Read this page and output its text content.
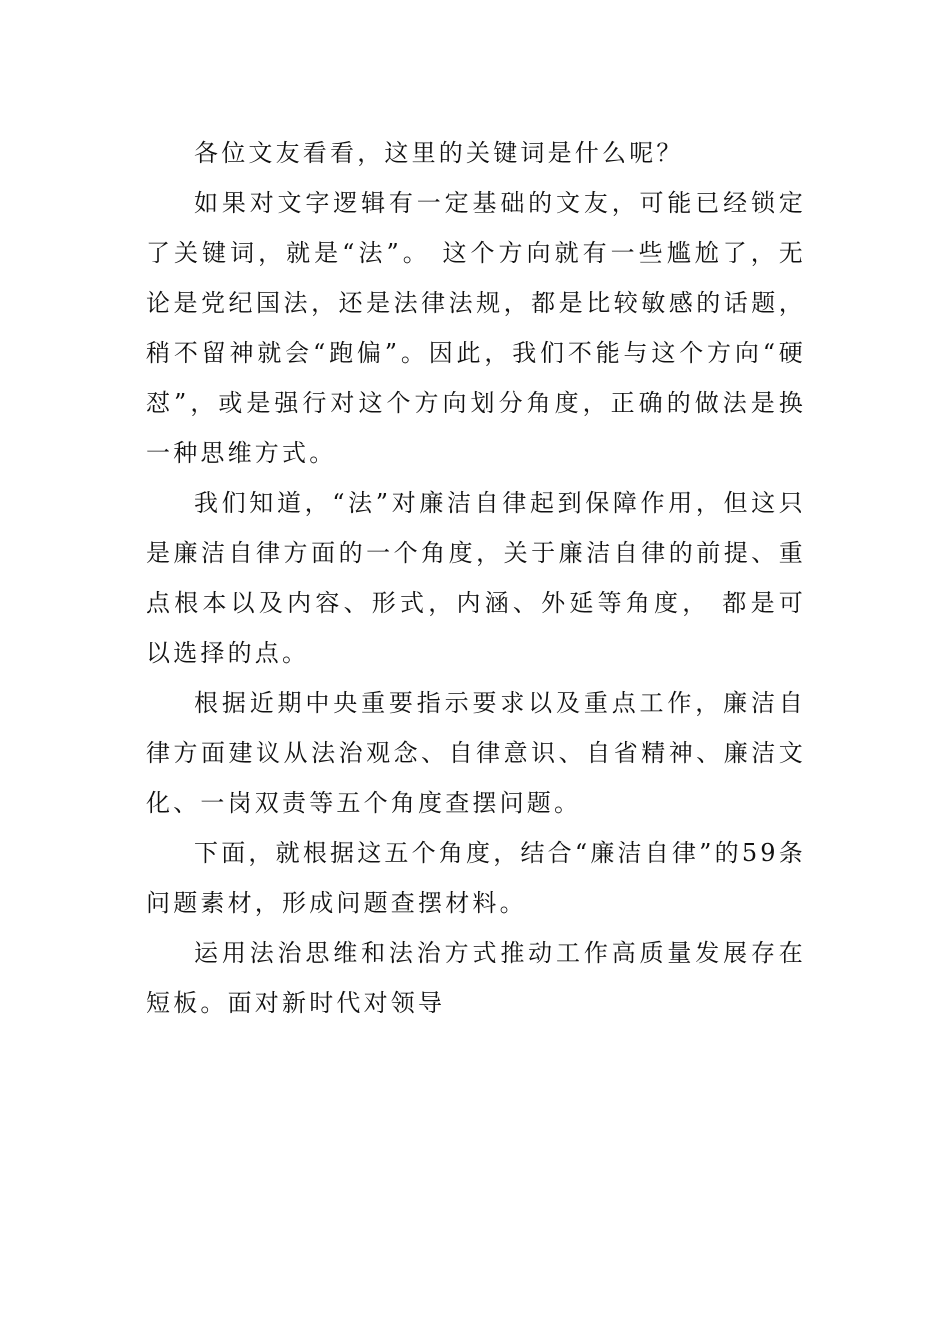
各位文友看看，这里的关键词是什么呢？

如果对文字逻辑有一定基础的文友，可能已经锁定了关键词，就是“法”。 这个方向就有一些尴尬了，无论是党纪国法，还是法律法规，都是比较敏感的话题，稍不留神就会“跑偏”。因此，我们不能与这个方向“硬怼”，或是强行对这个方向划分角度，正确的做法是换一种思维方式。

我们知道，“法”对廉洁自律起到保障作用，但这只是廉洁自律方面的一个角度，关于廉洁自律的前提、重点根本以及内容、形式，内涵、外延等角度， 都是可以选择的点。

根据近期中央重要指示要求以及重点工作，廉洁自律方面建议从法治观念、自律意识、自省精神、廉洁文化、一岗双责等五个角度查摆问题。

下面，就根据这五个角度，结合“廉洁自律”的59条问题素材，形成问题查摆材料。

运用法治思维和法治方式推动工作高质量发展存在短板。面对新时代对领导
